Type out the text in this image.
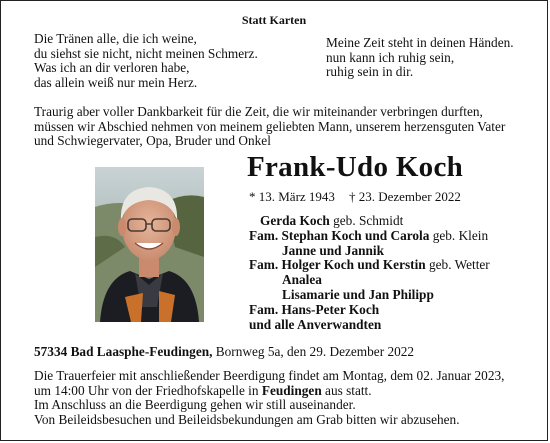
Statt Karten
Die Tränen alle, die ich weine,
du siehst sie nicht, nicht meinen Schmerz.
Was ich an dir verloren habe,
das allein weiß nur mein Herz.
Meine Zeit steht in deinen Händen.
nun kann ich ruhig sein,
ruhig sein in dir.
Traurig aber voller Dankbarkeit für die Zeit, die wir miteinander verbringen durften,
müssen wir Abschied nehmen von meinem geliebten Mann, unserem herzensguten Vater
und Schwiegervater, Opa, Bruder und Onkel
Frank-Udo Koch
* 13. März 1943 † 23. Dezember 2022
Gerda Koch geb. Schmidt
Fam. Stephan Koch und Carola geb. Klein
Janne und Jannik
Fam. Holger Koch und Kerstin geb. Wetter
Analea
Lisamarie und Jan Philipp
Fam. Hans-Peter Koch
und alle Anverwandten
57334 Bad Laasphe-Feudingen, Bornweg 5a, den 29. Dezember 2022
Die Trauerfeier mit anschließender Beerdigung findet am Montag, dem 02. Januar 2023,
um 14:00 Uhr von der Friedhofskapelle in Feudingen aus statt.
Im Anschluss an die Beerdigung gehen wir still auseinander.
Von Beileidsbesuchen und Beileidsbekundungen am Grab bitten wir abzusehen.
